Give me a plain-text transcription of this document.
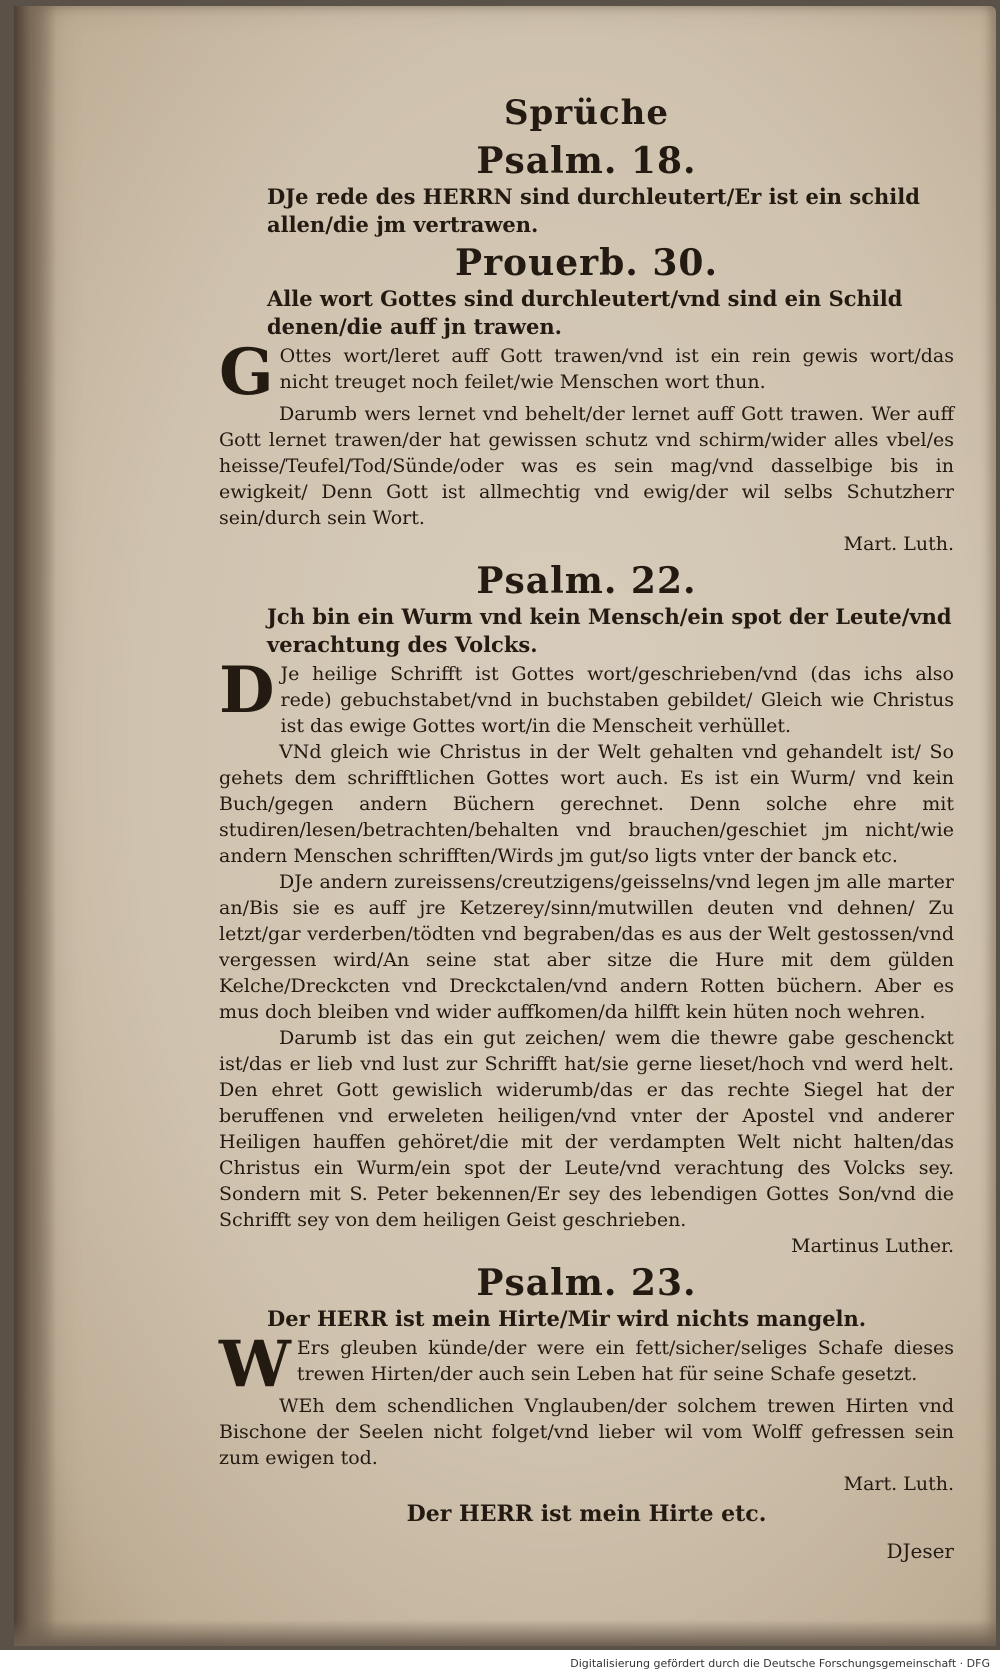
Sprüche

Psalm. 18.

DJe rede des HERRN sind durchleutert/Er ist ein schild allen/die jm vertrawen.

Prouerb. 30.

Alle wort Gottes sind durchleutert/vnd sind ein Schild denen/die auff jn trawen.

G Ottes wort/leret auff Gott trawen/vnd ist ein rein gewis wort/das nicht treuget noch feilet/wie Menschen wort thun.

Darumb wers lernet vnd behelt/der lernet auff Gott trawen. Wer auff Gott lernet trawen/der hat gewissen schutz vnd schirm/wider alles vbel/es heisse/Teufel/Tod/Sünde/oder was es sein mag/vnd dasselbige bis in ewigkeit/ Denn Gott ist allmechtig vnd ewig/der wil selbs Schutzherr sein/durch sein Wort.

Mart. Luth.

Psalm. 22.

Jch bin ein Wurm vnd kein Mensch/ein spot der Leute/vnd verachtung des Volcks.

D Je heilige Schrifft ist Gottes wort/geschrieben/vnd (das ichs also rede) gebuchstabet/vnd in buchstaben gebildet/ Gleich wie Christus ist das ewige Gottes wort/in die Menscheit verhüllet.

VNd gleich wie Christus in der Welt gehalten vnd gehandelt ist/ So gehets dem schrifftlichen Gottes wort auch. Es ist ein Wurm/ vnd kein Buch/gegen andern Büchern gerechnet. Denn solche ehre mit studiren/lesen/betrachten/behalten vnd brauchen/geschiet jm nicht/wie andern Menschen schrifften/Wirds jm gut/so ligts vnter der banck etc.

DJe andern zureissens/creutzigens/geisselns/vnd legen jm alle marter an/Bis sie es auff jre Ketzerey/sinn/mutwillen deuten vnd dehnen/ Zu letzt/gar verderben/tödten vnd begraben/das es aus der Welt gestossen/vnd vergessen wird/An seine stat aber sitze die Hure mit dem gülden Kelche/Dreckcten vnd Dreckctalen/vnd andern Rotten büchern. Aber es mus doch bleiben vnd wider auffkomen/da hilfft kein hüten noch wehren.

Darumb ist das ein gut zeichen/ wem die thewre gabe geschenckt ist/das er lieb vnd lust zur Schrifft hat/sie gerne lieset/hoch vnd werd helt. Den ehret Gott gewislich widerumb/das er das rechte Siegel hat der beruffenen vnd erweleten heiligen/vnd vnter der Apostel vnd anderer Heiligen hauffen gehöret/die mit der verdampten Welt nicht halten/das Christus ein Wurm/ein spot der Leute/vnd verachtung des Volcks sey. Sondern mit S. Peter bekennen/Er sey des lebendigen Gottes Son/vnd die Schrifft sey von dem heiligen Geist geschrieben.

Martinus Luther.

Psalm. 23.

Der HERR ist mein Hirte/Mir wird nichts mangeln.

W Ers gleuben künde/der were ein fett/sicher/seliges Schafe dieses trewen Hirten/der auch sein Leben hat für seine Schafe gesetzt.

WEh dem schendlichen Vnglauben/der solchem trewen Hirten vnd Bischone der Seelen nicht folget/vnd lieber wil vom Wolff gefressen sein zum ewigen tod.

Mart. Luth.

Der HERR ist mein Hirte etc.

DJeser

Digitalisierung gefördert durch die Deutsche Forschungsgemeinschaft · DFG
